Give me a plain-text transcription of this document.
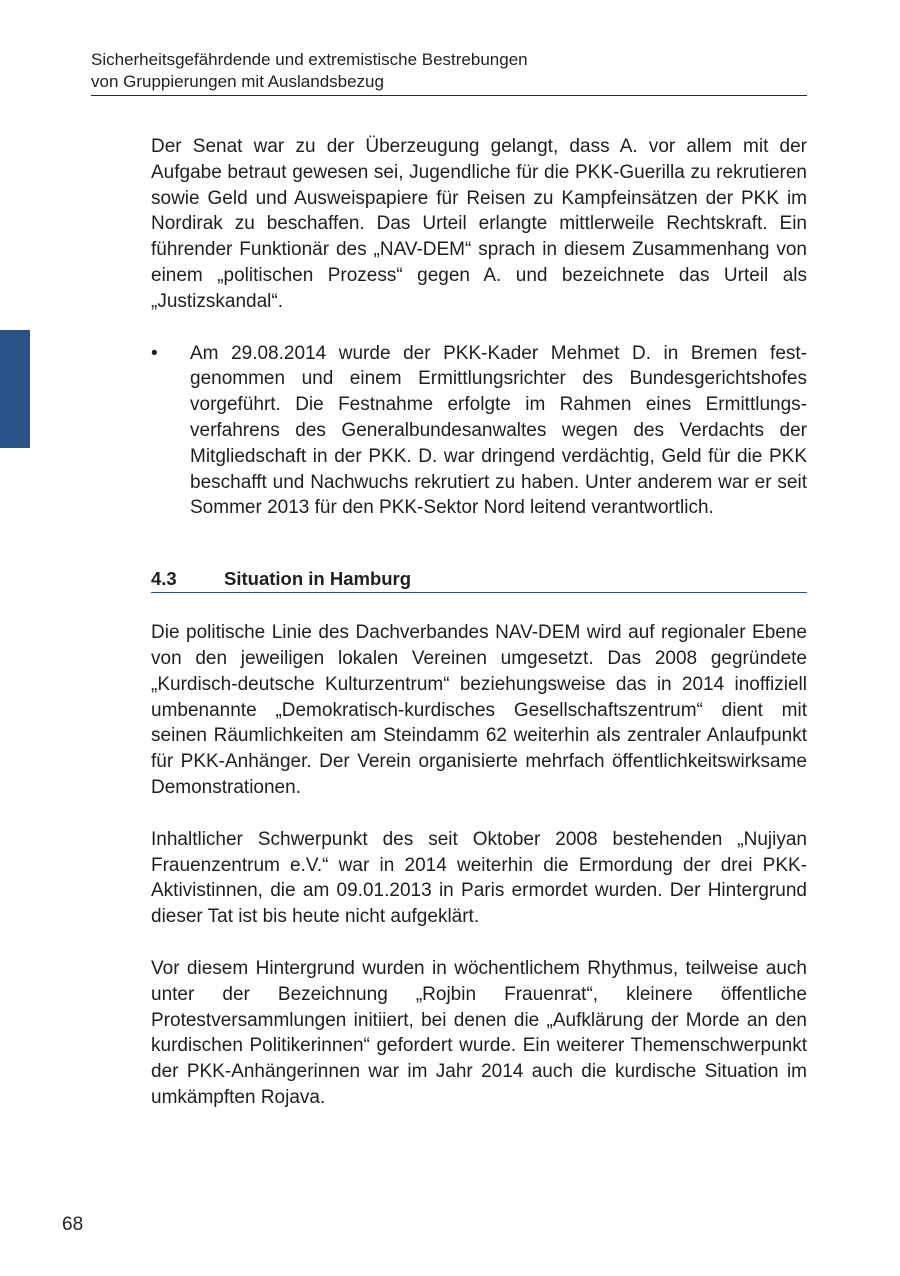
Sicherheitsgefährdende und extremistische Bestrebungen
von Gruppierungen mit Auslandsbezug

Der Senat war zu der Überzeugung gelangt, dass A. vor allem mit der Aufgabe betraut gewesen sei, Jugendliche für die PKK-Guerilla zu rekrutieren sowie Geld und Ausweispapiere für Reisen zu Kampfeinsätzen der PKK im Nordirak zu beschaffen. Das Urteil erlangte mittlerweile Rechtskraft. Ein führender Funktionär des „NAV-DEM“ sprach in diesem Zusammenhang von einem „politischen Prozess“ gegen A. und bezeichnete das Urteil als „Justizskandal“.

• Am 29.08.2014 wurde der PKK-Kader Mehmet D. in Bremen festgenommen und einem Ermittlungsrichter des Bundesgerichtshofes vorgeführt. Die Festnahme erfolgte im Rahmen eines Ermittlungsverfahrens des Generalbundesanwaltes wegen des Verdachts der Mitgliedschaft in der PKK. D. war dringend verdächtig, Geld für die PKK beschafft und Nachwuchs rekrutiert zu haben. Unter anderem war er seit Sommer 2013 für den PKK-Sektor Nord leitend verantwortlich.

4.3	Situation in Hamburg

Die politische Linie des Dachverbandes NAV-DEM wird auf regionaler Ebene von den jeweiligen lokalen Vereinen umgesetzt. Das 2008 gegründete „Kurdisch-deutsche Kulturzentrum“ beziehungsweise das in 2014 inoffiziell umbenannte „Demokratisch-kurdisches Gesellschaftszentrum“ dient mit seinen Räumlichkeiten am Steindamm 62 weiterhin als zentraler Anlaufpunkt für PKK-Anhänger. Der Verein organisierte mehrfach öffentlichkeitswirksame Demonstrationen.

Inhaltlicher Schwerpunkt des seit Oktober 2008 bestehenden „Nujiyan Frauenzentrum e.V.“ war in 2014 weiterhin die Ermordung der drei PKK-Aktivistinnen, die am 09.01.2013 in Paris ermordet wurden. Der Hintergrund dieser Tat ist bis heute nicht aufgeklärt.

Vor diesem Hintergrund wurden in wöchentlichem Rhythmus, teilweise auch unter der Bezeichnung „Rojbin Frauenrat“, kleinere öffentliche Protestversammlungen initiiert, bei denen die „Aufklärung der Morde an den kurdischen Politikerinnen“ gefordert wurde. Ein weiterer Themenschwerpunkt der PKK-Anhängerinnen war im Jahr 2014 auch die kurdische Situation im umkämpften Rojava.

68
